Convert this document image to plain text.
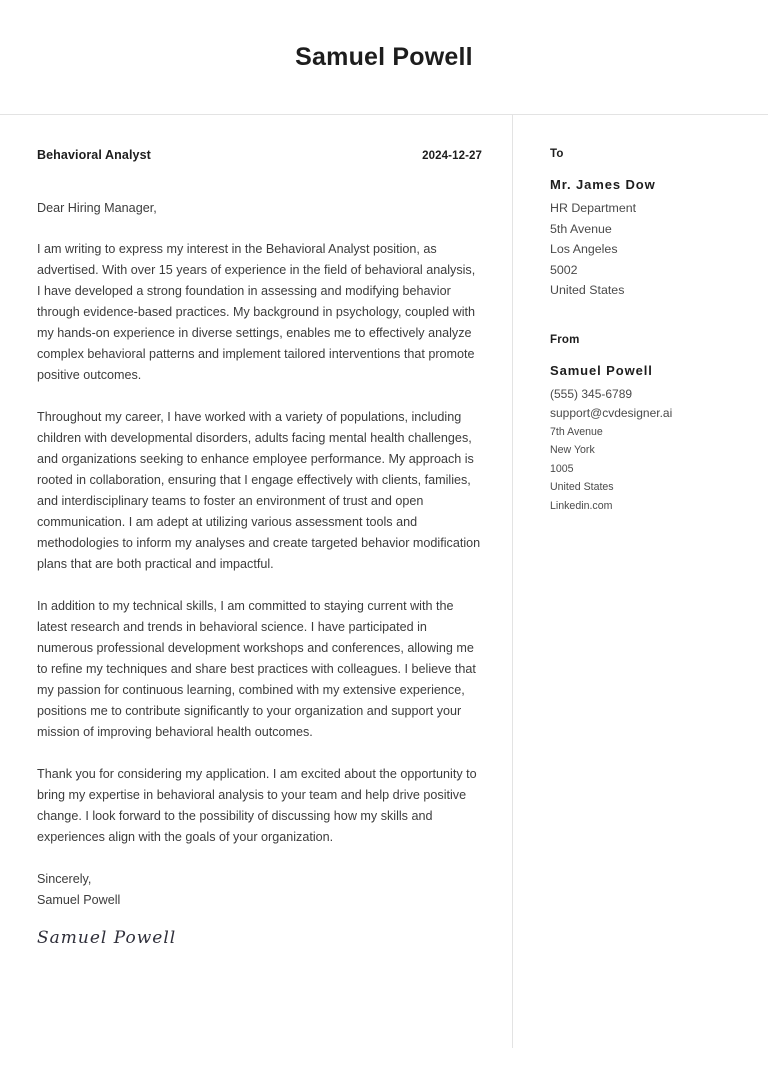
Samuel Powell
Behavioral Analyst	2024-12-27
Dear Hiring Manager,

I am writing to express my interest in the Behavioral Analyst position, as advertised. With over 15 years of experience in the field of behavioral analysis, I have developed a strong foundation in assessing and modifying behavior through evidence-based practices. My background in psychology, coupled with my hands-on experience in diverse settings, enables me to effectively analyze complex behavioral patterns and implement tailored interventions that promote positive outcomes.

Throughout my career, I have worked with a variety of populations, including children with developmental disorders, adults facing mental health challenges, and organizations seeking to enhance employee performance. My approach is rooted in collaboration, ensuring that I engage effectively with clients, families, and interdisciplinary teams to foster an environment of trust and open communication. I am adept at utilizing various assessment tools and methodologies to inform my analyses and create targeted behavior modification plans that are both practical and impactful.

In addition to my technical skills, I am committed to staying current with the latest research and trends in behavioral science. I have participated in numerous professional development workshops and conferences, allowing me to refine my techniques and share best practices with colleagues. I believe that my passion for continuous learning, combined with my extensive experience, positions me to contribute significantly to your organization and support your mission of improving behavioral health outcomes.

Thank you for considering my application. I am excited about the opportunity to bring my expertise in behavioral analysis to your team and help drive positive change. I look forward to the possibility of discussing how my skills and experiences align with the goals of your organization.

Sincerely,
Samuel Powell
Samuel Powell
To
Mr. James Dow
HR Department
5th Avenue
Los Angeles
5002
United States
From
Samuel Powell
(555) 345-6789
support@cvdesigner.ai
7th Avenue
New York
1005
United States
Linkedin.com
